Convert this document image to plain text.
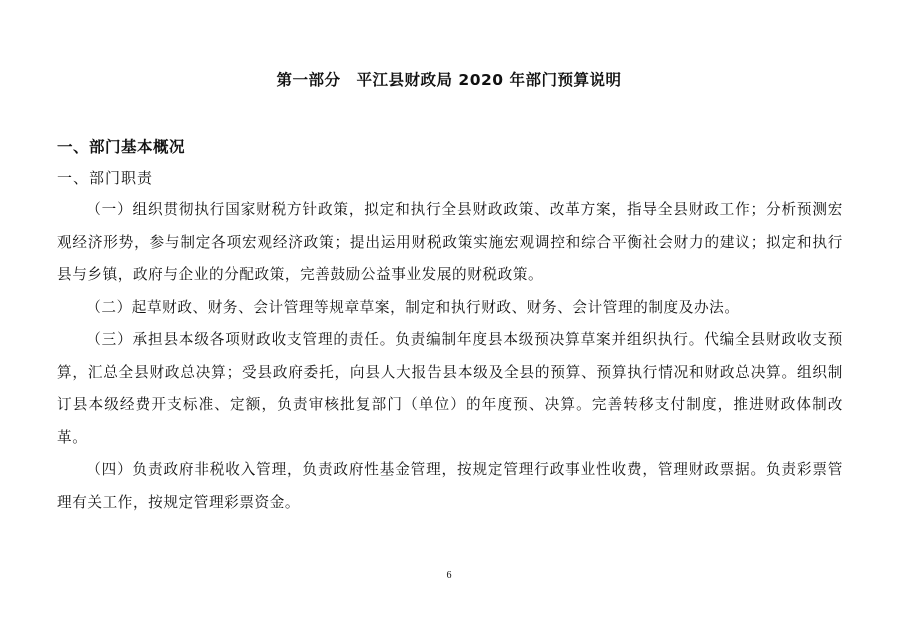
第一部分　平江县财政局 2020 年部门预算说明
一、部门基本概况
一、部门职责

（一）组织贯彻执行国家财税方针政策，拟定和执行全县财政政策、改革方案，指导全县财政工作；分析预测宏观经济形势，参与制定各项宏观经济政策；提出运用财税政策实施宏观调控和综合平衡社会财力的建议；拟定和执行县与乡镇，政府与企业的分配政策，完善鼓励公益事业发展的财税政策。

（二）起草财政、财务、会计管理等规章草案，制定和执行财政、财务、会计管理的制度及办法。

（三）承担县本级各项财政收支管理的责任。负责编制年度县本级预决算草案并组织执行。代编全县财政收支预算，汇总全县财政总决算；受县政府委托，向县人大报告县本级及全县的预算、预算执行情况和财政总决算。组织制订县本级经费开支标准、定额，负责审核批复部门（单位）的年度预、决算。完善转移支付制度，推进财政体制改革。

（四）负责政府非税收入管理，负责政府性基金管理，按规定管理行政事业性收费，管理财政票据。负责彩票管理有关工作，按规定管理彩票资金。

6
